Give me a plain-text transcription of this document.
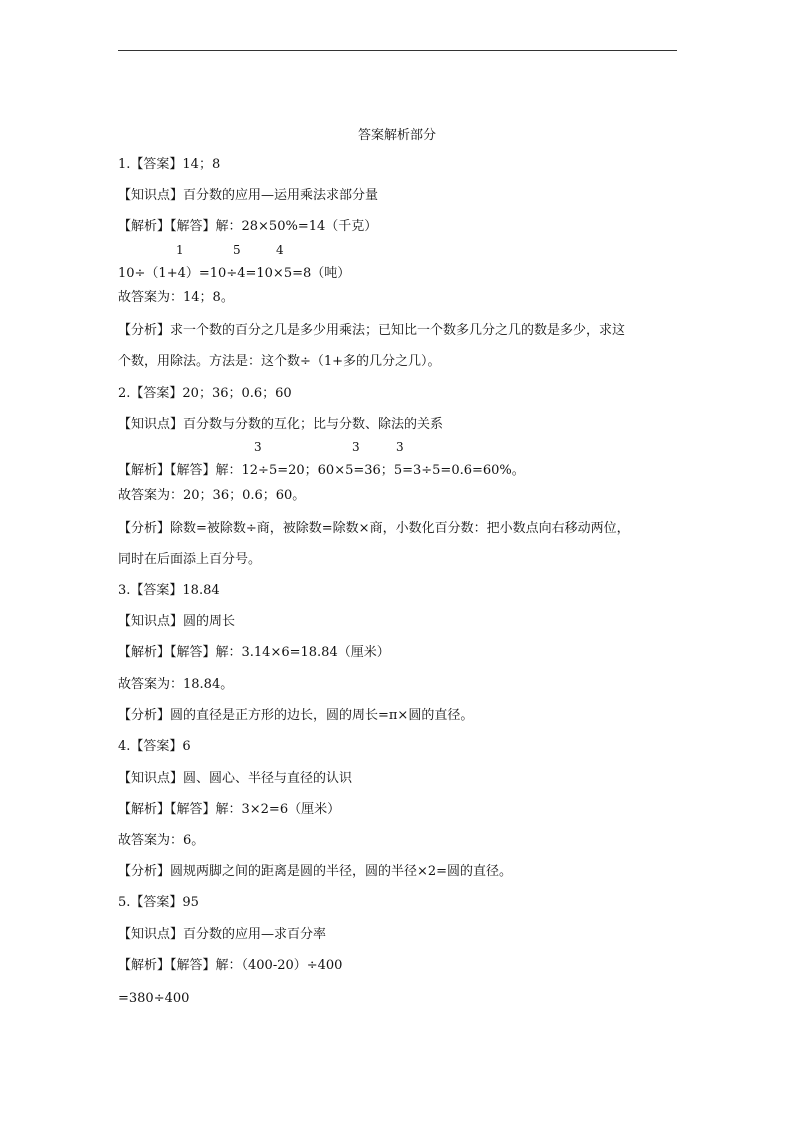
答案解析部分
1.【答案】14；8
【知识点】百分数的应用—运用乘法求部分量
【解析】【解答】解：28×50%=14（千克）
1	5	4
10÷（1+4）=10÷4=10×5=8（吨）
故答案为：14；8。
【分析】求一个数的百分之几是多少用乘法；已知比一个数多几分之几的数是多少，求这
个数，用除法。方法是：这个数÷（1+多的几分之几）。
2.【答案】20；36；0.6；60
【知识点】百分数与分数的互化；比与分数、除法的关系
3	3	3
【解析】【解答】解：12÷5=20；60×5=36；5=3÷5=0.6=60%。
故答案为：20；36；0.6；60。
【分析】除数=被除数÷商，被除数=除数×商，小数化百分数：把小数点向右移动两位，
同时在后面添上百分号。
3.【答案】18.84
【知识点】圆的周长
【解析】【解答】解：3.14×6=18.84（厘米）
故答案为：18.84。
【分析】圆的直径是正方形的边长，圆的周长=π×圆的直径。
4.【答案】6
【知识点】圆、圆心、半径与直径的认识
【解析】【解答】解：3×2=6（厘米）
故答案为：6。
【分析】圆规两脚之间的距离是圆的半径，圆的半径×2=圆的直径。
5.【答案】95
【知识点】百分数的应用—求百分率
【解析】【解答】解：（400-20）÷400
=380÷400
